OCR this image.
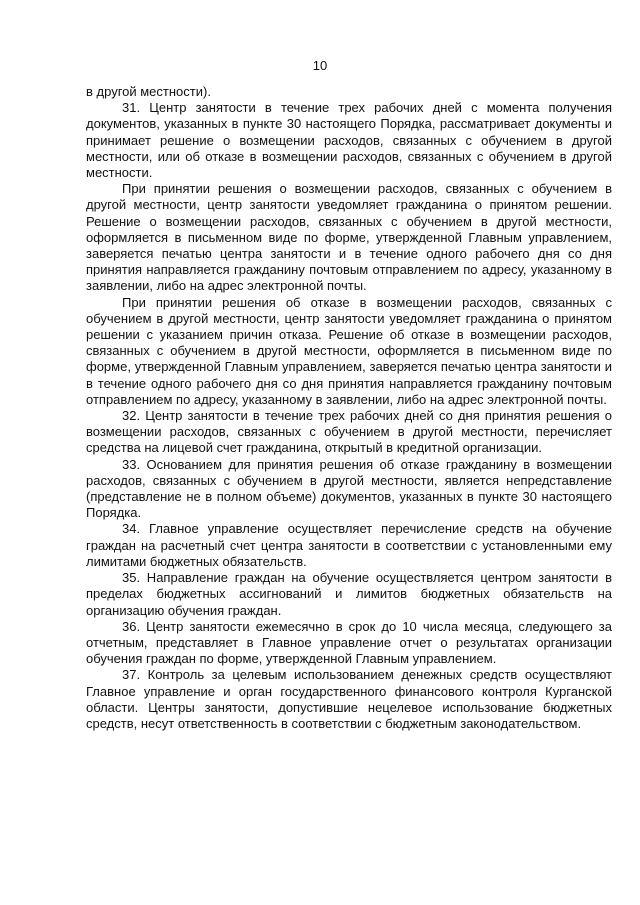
10

в другой местности).

31. Центр занятости в течение трех рабочих дней с момента получения документов, указанных в пункте 30 настоящего Порядка, рассматривает документы и принимает решение о возмещении расходов, связанных с обучением в другой местности, или об отказе в возмещении расходов, связанных с обучением в другой местности.

При принятии решения о возмещении расходов, связанных с обучением в другой местности, центр занятости уведомляет гражданина о принятом решении. Решение о возмещении расходов, связанных с обучением в другой местности, оформляется в письменном виде по форме, утвержденной Главным управлением, заверяется печатью центра занятости и в течение одного рабочего дня со дня принятия направляется гражданину почтовым отправлением по адресу, указанному в заявлении, либо на адрес электронной почты.

При принятии решения об отказе в возмещении расходов, связанных с обучением в другой местности, центр занятости уведомляет гражданина о принятом решении с указанием причин отказа. Решение об отказе в возмещении расходов, связанных с обучением в другой местности, оформляется в письменном виде по форме, утвержденной Главным управлением, заверяется печатью центра занятости и в течение одного рабочего дня со дня принятия направляется гражданину почтовым отправлением по адресу, указанному в заявлении, либо на адрес электронной почты.

32. Центр занятости в течение трех рабочих дней со дня принятия решения о возмещении расходов, связанных с обучением в другой местности, перечисляет средства на лицевой счет гражданина, открытый в кредитной организации.

33. Основанием для принятия решения об отказе гражданину в возмещении расходов, связанных с обучением в другой местности, является непредставление (представление не в полном объеме) документов, указанных в пункте 30 настоящего Порядка.

34. Главное управление осуществляет перечисление средств на обучение граждан на расчетный счет центра занятости в соответствии с установленными ему лимитами бюджетных обязательств.

35. Направление граждан на обучение осуществляется центром занятости в пределах бюджетных ассигнований и лимитов бюджетных обязательств на организацию обучения граждан.

36. Центр занятости ежемесячно в срок до 10 числа месяца, следующего за отчетным, представляет в Главное управление отчет о результатах организации обучения граждан по форме, утвержденной Главным управлением.

37. Контроль за целевым использованием денежных средств осуществляют Главное управление и орган государственного финансового контроля Курганской области. Центры занятости, допустившие нецелевое использование бюджетных средств, несут ответственность в соответствии с бюджетным законодательством.
